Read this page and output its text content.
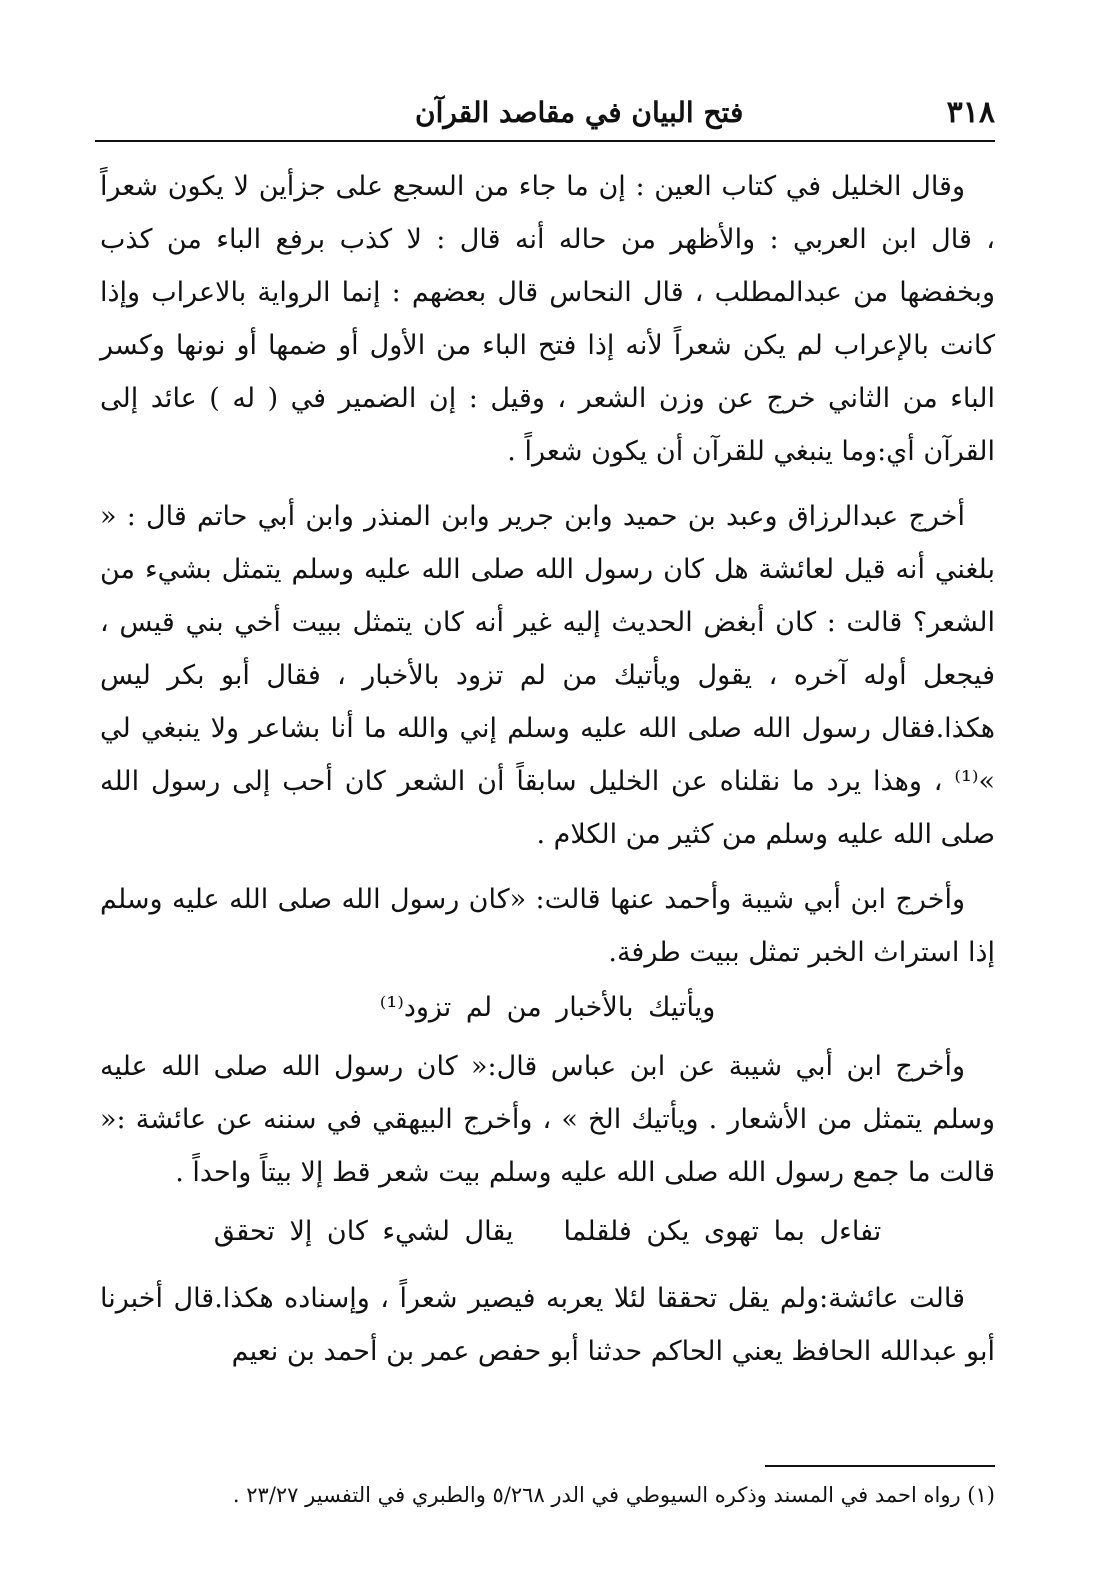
٣١٨
فتح البيان في مقاصد القرآن

وقال الخليل في كتاب العين : إن ما جاء من السجع على جزأين لا يكون شعراً ، قال ابن العربي : والأظهر من حاله أنه قال : لا كذب برفع الباء من كذب وبخفضها من عبدالمطلب ، قال النحاس قال بعضهم : إنما الرواية بالاعراب وإذا كانت بالإعراب لم يكن شعراً لأنه إذا فتح الباء من الأول أو ضمها أو نونها وكسر الباء من الثاني خرج عن وزن الشعر ، وقيل : إن الضمير في ( له ) عائد إلى القرآن أي:وما ينبغي للقرآن أن يكون شعراً .

أخرج عبدالرزاق وعبد بن حميد وابن جرير وابن المنذر وابن أبي حاتم قال : « بلغني أنه قيل لعائشة هل كان رسول الله صلى الله عليه وسلم يتمثل بشيء من الشعر؟ قالت : كان أبغض الحديث إليه غير أنه كان يتمثل ببيت أخي بني قيس ، فيجعل أوله آخره ، يقول ويأتيك من لم تزود بالأخبار ، فقال أبو بكر ليس هكذا.فقال رسول الله صلى الله عليه وسلم إني والله ما أنا بشاعر ولا ينبغي لي »⁽¹⁾ ، وهذا يرد ما نقلناه عن الخليل سابقاً أن الشعر كان أحب إلى رسول الله صلى الله عليه وسلم من كثير من الكلام .

وأخرج ابن أبي شيبة وأحمد عنها قالت: «كان رسول الله صلى الله عليه وسلم إذا استراث الخبر تمثل ببيت طرفة.

ويأتيك بالأخبار من لم تزود⁽¹⁾

وأخرج ابن أبي شيبة عن ابن عباس قال:« كان رسول الله صلى الله عليه وسلم يتمثل من الأشعار . ويأتيك الخ » ، وأخرج البيهقي في سننه عن عائشة :« قالت ما جمع رسول الله صلى الله عليه وسلم بيت شعر قط إلا بيتاً واحداً .

تفاءل بما تهوى يكن فلقلما
يقال لشيء كان إلا تحقق

قالت عائشة:ولم يقل تحققا لئلا يعربه فيصير شعراً ، وإسناده هكذا.قال أخبرنا أبو عبدالله الحافظ يعني الحاكم حدثنا أبو حفص عمر بن أحمد بن نعيم

(١) رواه احمد في المسند وذكره السيوطي في الدر ٥/٢٦٨ والطبري في التفسير ٢٣/٢٧ .
